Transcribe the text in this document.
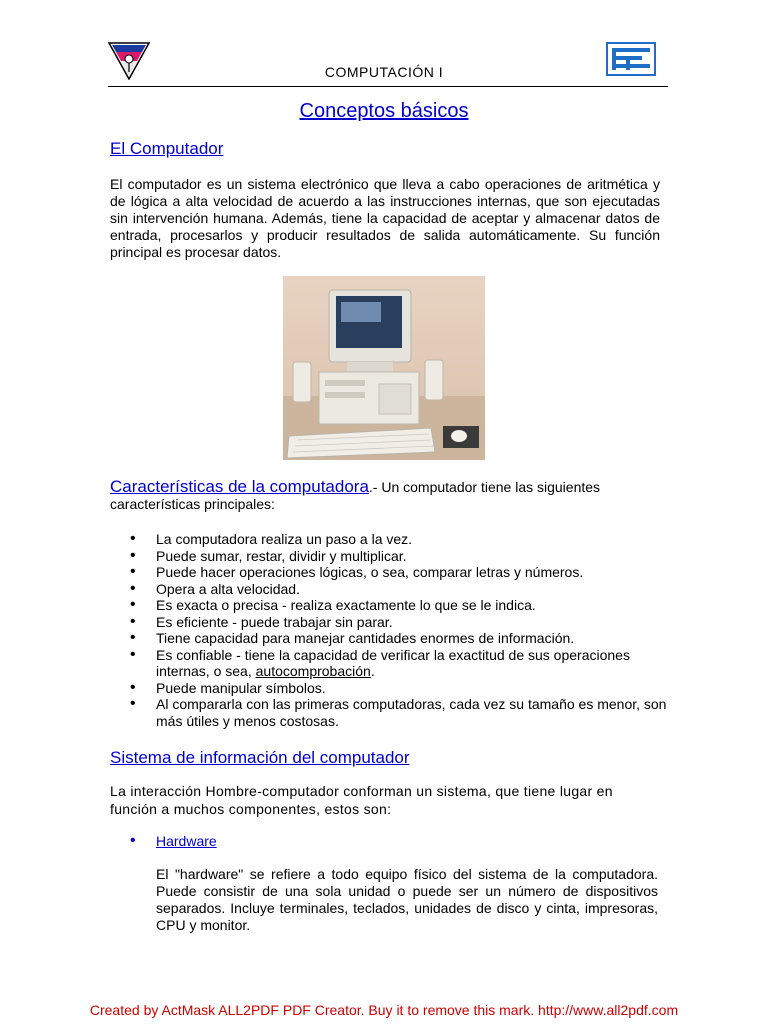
COMPUTACIÓN I
Conceptos básicos
El Computador
El computador es un sistema electrónico que lleva a cabo operaciones de aritmética y de lógica a alta velocidad de acuerdo a las instrucciones internas, que son ejecutadas sin intervención humana. Además, tiene la capacidad de aceptar y almacenar datos de entrada, procesarlos y producir resultados de salida automáticamente. Su función principal es procesar datos.
Características de la computadora.- Un computador tiene las siguientes características principales:
• La computadora realiza un paso a la vez.
• Puede sumar, restar, dividir y multiplicar.
• Puede hacer operaciones lógicas, o sea, comparar letras y números.
• Opera a alta velocidad.
• Es exacta o precisa - realiza exactamente lo que se le indica.
• Es eficiente - puede trabajar sin parar.
• Tiene capacidad para manejar cantidades enormes de información.
• Es confiable - tiene la capacidad de verificar la exactitud de sus operaciones internas, o sea, autocomprobación.
• Puede manipular símbolos.
• Al compararla con las primeras computadoras, cada vez su tamaño es menor, son más útiles y menos costosas.
Sistema de información del computador
La interacción Hombre-computador conforman un sistema, que tiene lugar en función a muchos componentes, estos son:
• Hardware
El "hardware" se refiere a todo equipo físico del sistema de la computadora. Puede consistir de una sola unidad o puede ser un número de dispositivos separados. Incluye terminales, teclados, unidades de disco y cinta, impresoras, CPU y monitor.
Created by ActMask ALL2PDF PDF Creator. Buy it to remove this mark. http://www.all2pdf.com
